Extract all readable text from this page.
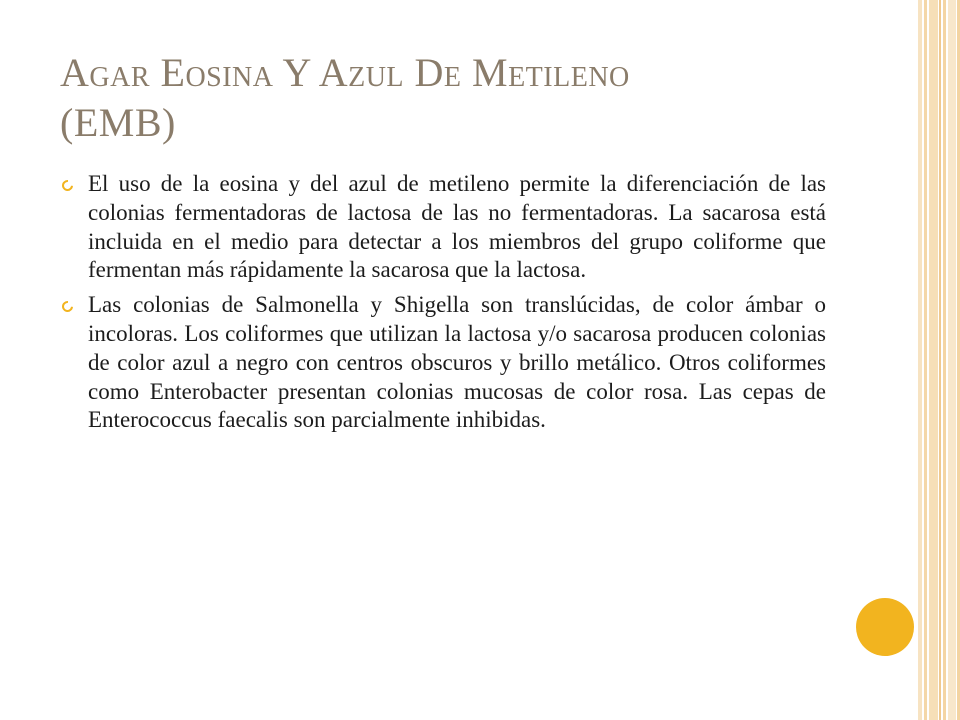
Agar Eosina Y Azul De Metileno
(EMB)
El uso de la eosina y del azul de metileno permite la diferenciación de las colonias fermentadoras de lactosa de las no fermentadoras. La sacarosa está incluida en el medio para detectar a los miembros del grupo coliforme que fermentan más rápidamente la sacarosa que la lactosa.
Las colonias de Salmonella y Shigella son translúcidas, de color ámbar o incoloras. Los coliformes que utilizan la lactosa y/o sacarosa producen colonias de color azul a negro con centros obscuros y brillo metálico. Otros coliformes como Enterobacter presentan colonias mucosas de color rosa. Las cepas de Enterococcus faecalis son parcialmente inhibidas.
